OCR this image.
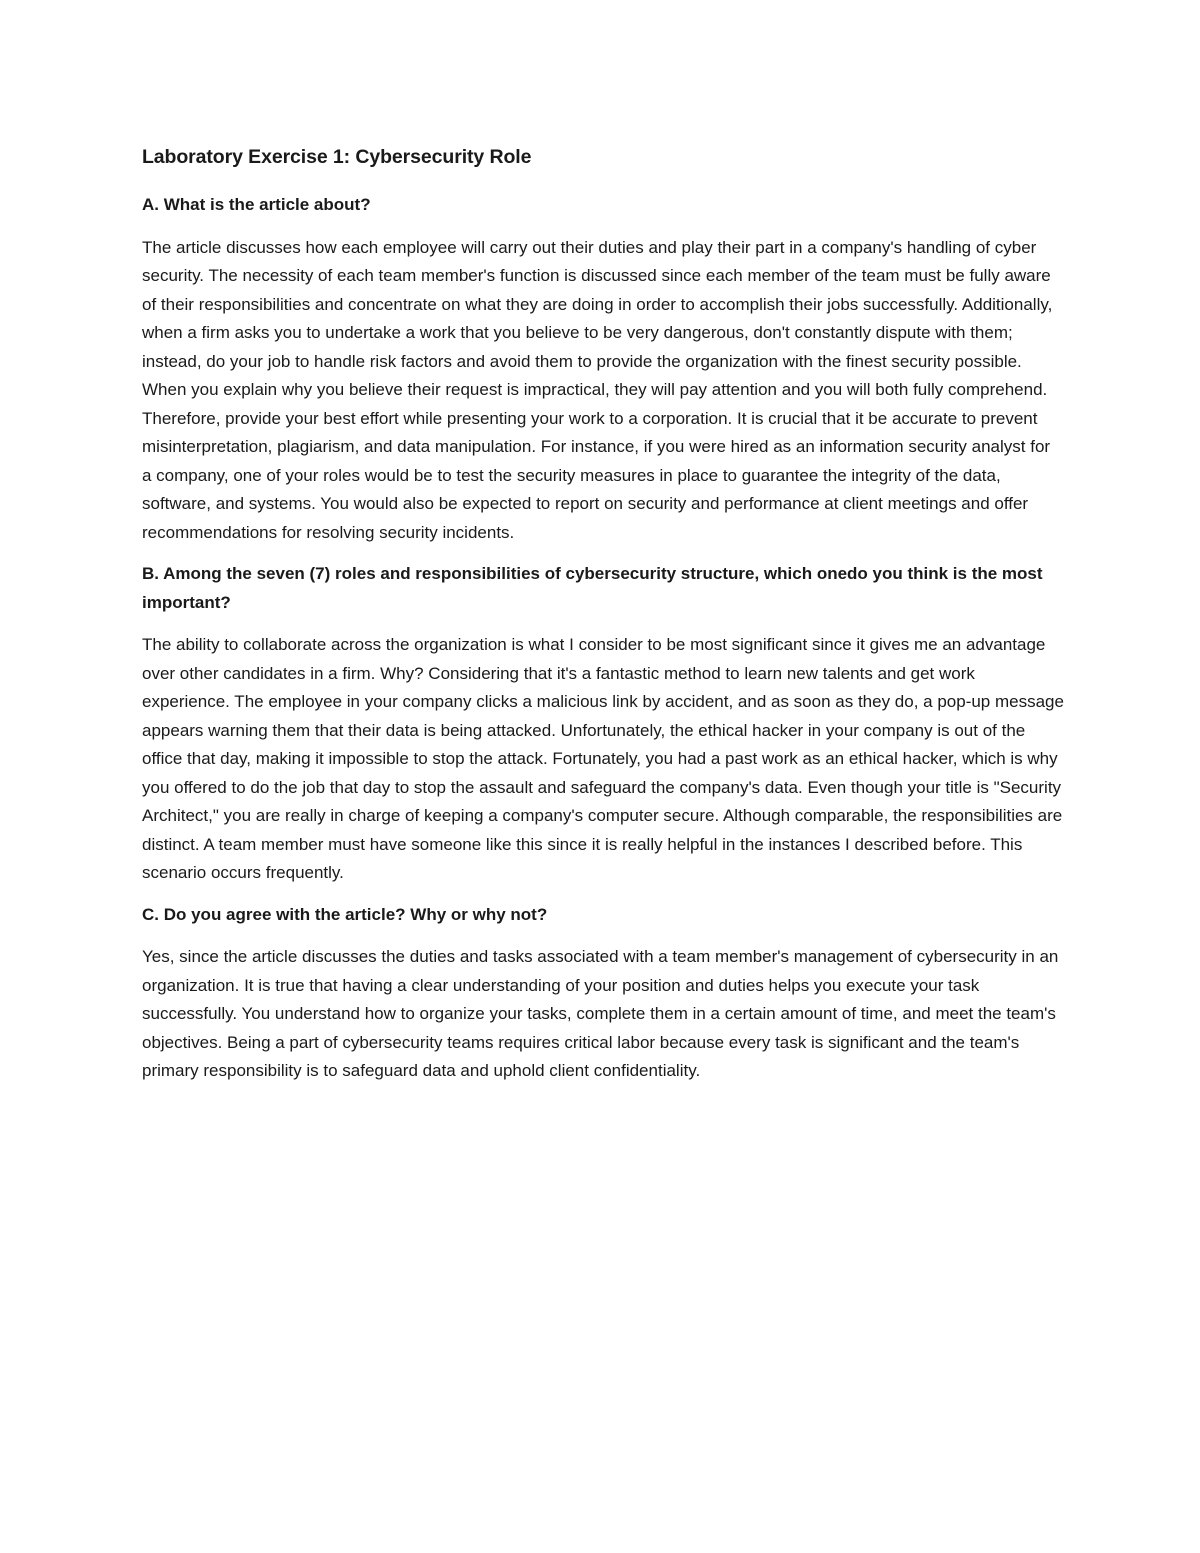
Laboratory Exercise 1: Cybersecurity Role

A. What is the article about?

The article discusses how each employee will carry out their duties and play their part in a company's handling of cyber security. The necessity of each team member's function is discussed since each member of the team must be fully aware of their responsibilities and concentrate on what they are doing in order to accomplish their jobs successfully. Additionally, when a firm asks you to undertake a work that you believe to be very dangerous, don't constantly dispute with them; instead, do your job to handle risk factors and avoid them to provide the organization with the finest security possible. When you explain why you believe their request is impractical, they will pay attention and you will both fully comprehend. Therefore, provide your best effort while presenting your work to a corporation. It is crucial that it be accurate to prevent misinterpretation, plagiarism, and data manipulation. For instance, if you were hired as an information security analyst for a company, one of your roles would be to test the security measures in place to guarantee the integrity of the data, software, and systems. You would also be expected to report on security and performance at client meetings and offer recommendations for resolving security incidents.

B. Among the seven (7) roles and responsibilities of cybersecurity structure, which onedo you think is the most important?

The ability to collaborate across the organization is what I consider to be most significant since it gives me an advantage over other candidates in a firm. Why? Considering that it's a fantastic method to learn new talents and get work experience. The employee in your company clicks a malicious link by accident, and as soon as they do, a pop-up message appears warning them that their data is being attacked. Unfortunately, the ethical hacker in your company is out of the office that day, making it impossible to stop the attack. Fortunately, you had a past work as an ethical hacker, which is why you offered to do the job that day to stop the assault and safeguard the company's data. Even though your title is "Security Architect," you are really in charge of keeping a company's computer secure. Although comparable, the responsibilities are distinct. A team member must have someone like this since it is really helpful in the instances I described before. This scenario occurs frequently.

C. Do you agree with the article? Why or why not?

Yes, since the article discusses the duties and tasks associated with a team member's management of cybersecurity in an organization. It is true that having a clear understanding of your position and duties helps you execute your task successfully. You understand how to organize your tasks, complete them in a certain amount of time, and meet the team's objectives. Being a part of cybersecurity teams requires critical labor because every task is significant and the team's primary responsibility is to safeguard data and uphold client confidentiality.
